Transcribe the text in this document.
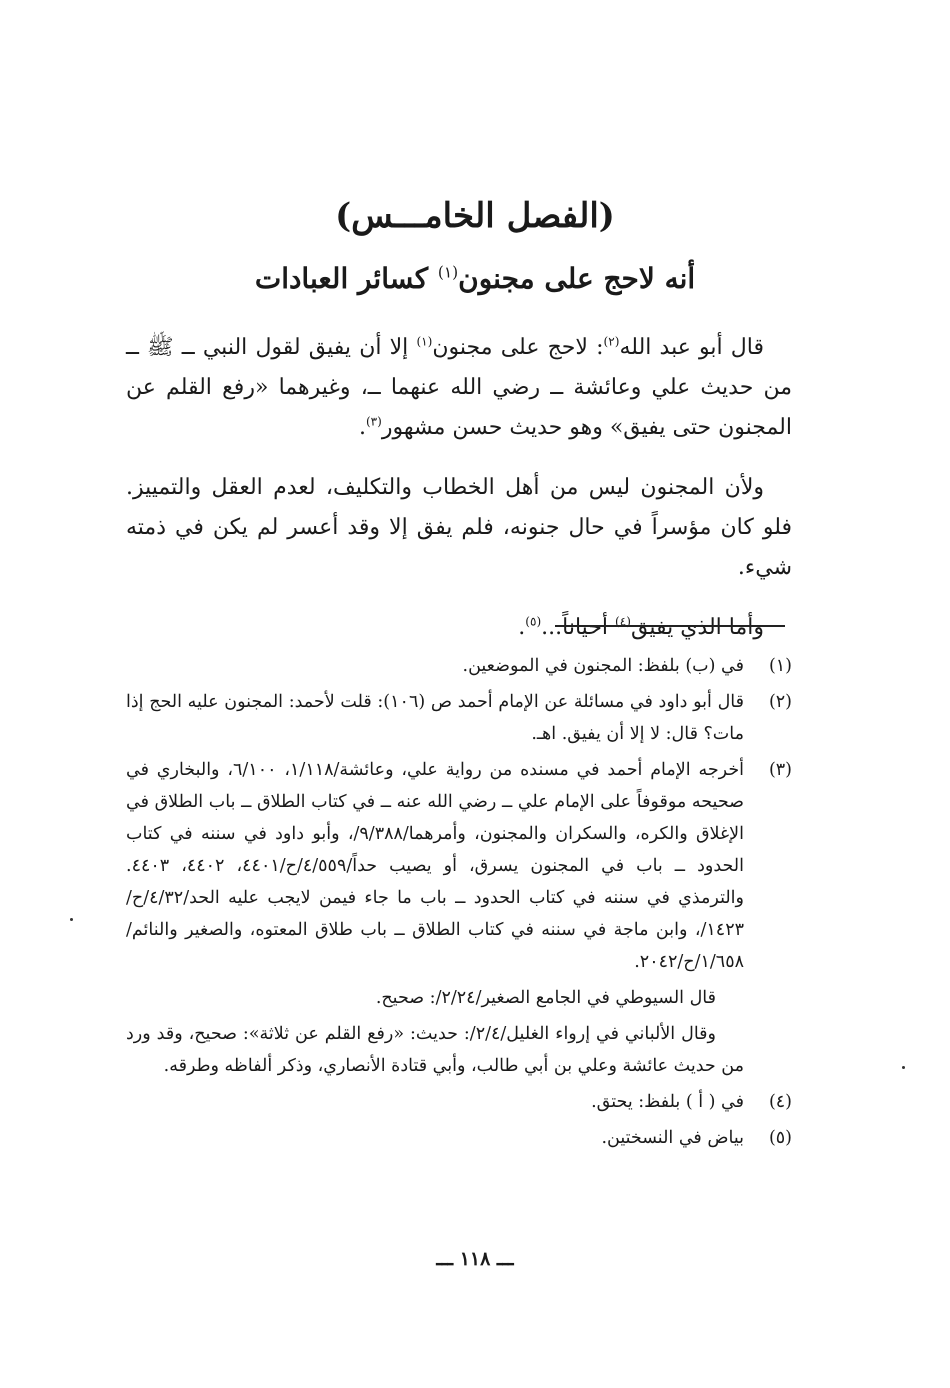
(الفصل الخامـــس)
أنه لاحج على مجنون$^{(١)}$ كسائر العبادات

قال أبو عبد الله$^{(٢)}$: لاحج على مجنون$^{(١)}$ إلا أن يفيق لقول النبي ــ ﷺ ــ من حديث علي وعائشة ــ رضي الله عنهما ــ، وغيرهما «رفع القلم عن المجنون حتى يفيق» وهو حديث حسن مشهور$^{(٣)}$.

ولأن المجنون ليس من أهل الخطاب والتكليف، لعدم العقل والتمييز. فلو كان مؤسراً في حال جنونه، فلم يفق إلا وقد أعسر لم يكن في ذمته شيء.

وأما الذي يفيق$^{(٤)}$ أحياناً...$^{(٥)}$.

(١)
في (ب) بلفظ: المجنون في الموضعين.
(٢)
قال أبو داود في مسائلة عن الإمام أحمد ص (١٠٦): قلت لأحمد: المجنون عليه الحج إذا مات؟ قال: لا إلا أن يفيق. اهـ.
(٣)
أخرجه الإمام أحمد في مسنده من رواية علي، وعائشة/١/١١٨، ٦/١٠٠، والبخاري في صحيحه موقوفاً على الإمام علي ــ رضي الله عنه ــ في كتاب الطلاق ــ باب الطلاق في الإغلاق والكره، والسكران والمجنون، وأمرهما/٩/٣٨٨/، وأبو داود في سننه في كتاب الحدود ــ باب في المجنون يسرق، أو يصيب حداً/٤/٥٥٩/ح/٤٤٠١، ٤٤٠٢، ٤٤٠٣. والترمذي في سننه في كتاب الحدود ــ باب ما جاء فيمن لايجب عليه الحد/٤/٣٢/ح/١٤٢٣/، وابن ماجة في سننه في كتاب الطلاق ــ باب طلاق المعتوه، والصغير والنائم/١/٦٥٨/ح/٢٠٤٢.
قال السيوطي في الجامع الصغير/٢/٢٤/: صحيح.
وقال الألباني في إرواء الغليل/٢/٤/: حديث: «رفع القلم عن ثلاثة»: صحيح، وقد ورد من حديث عائشة وعلي بن أبي طالب، وأبي قتادة الأنصاري، وذكر ألفاظه وطرقه.
(٤)
في ( أ ) بلفظ: يحتق.
(٥)
بياض في النسختين.
ـــ ١١٨ ـــ
